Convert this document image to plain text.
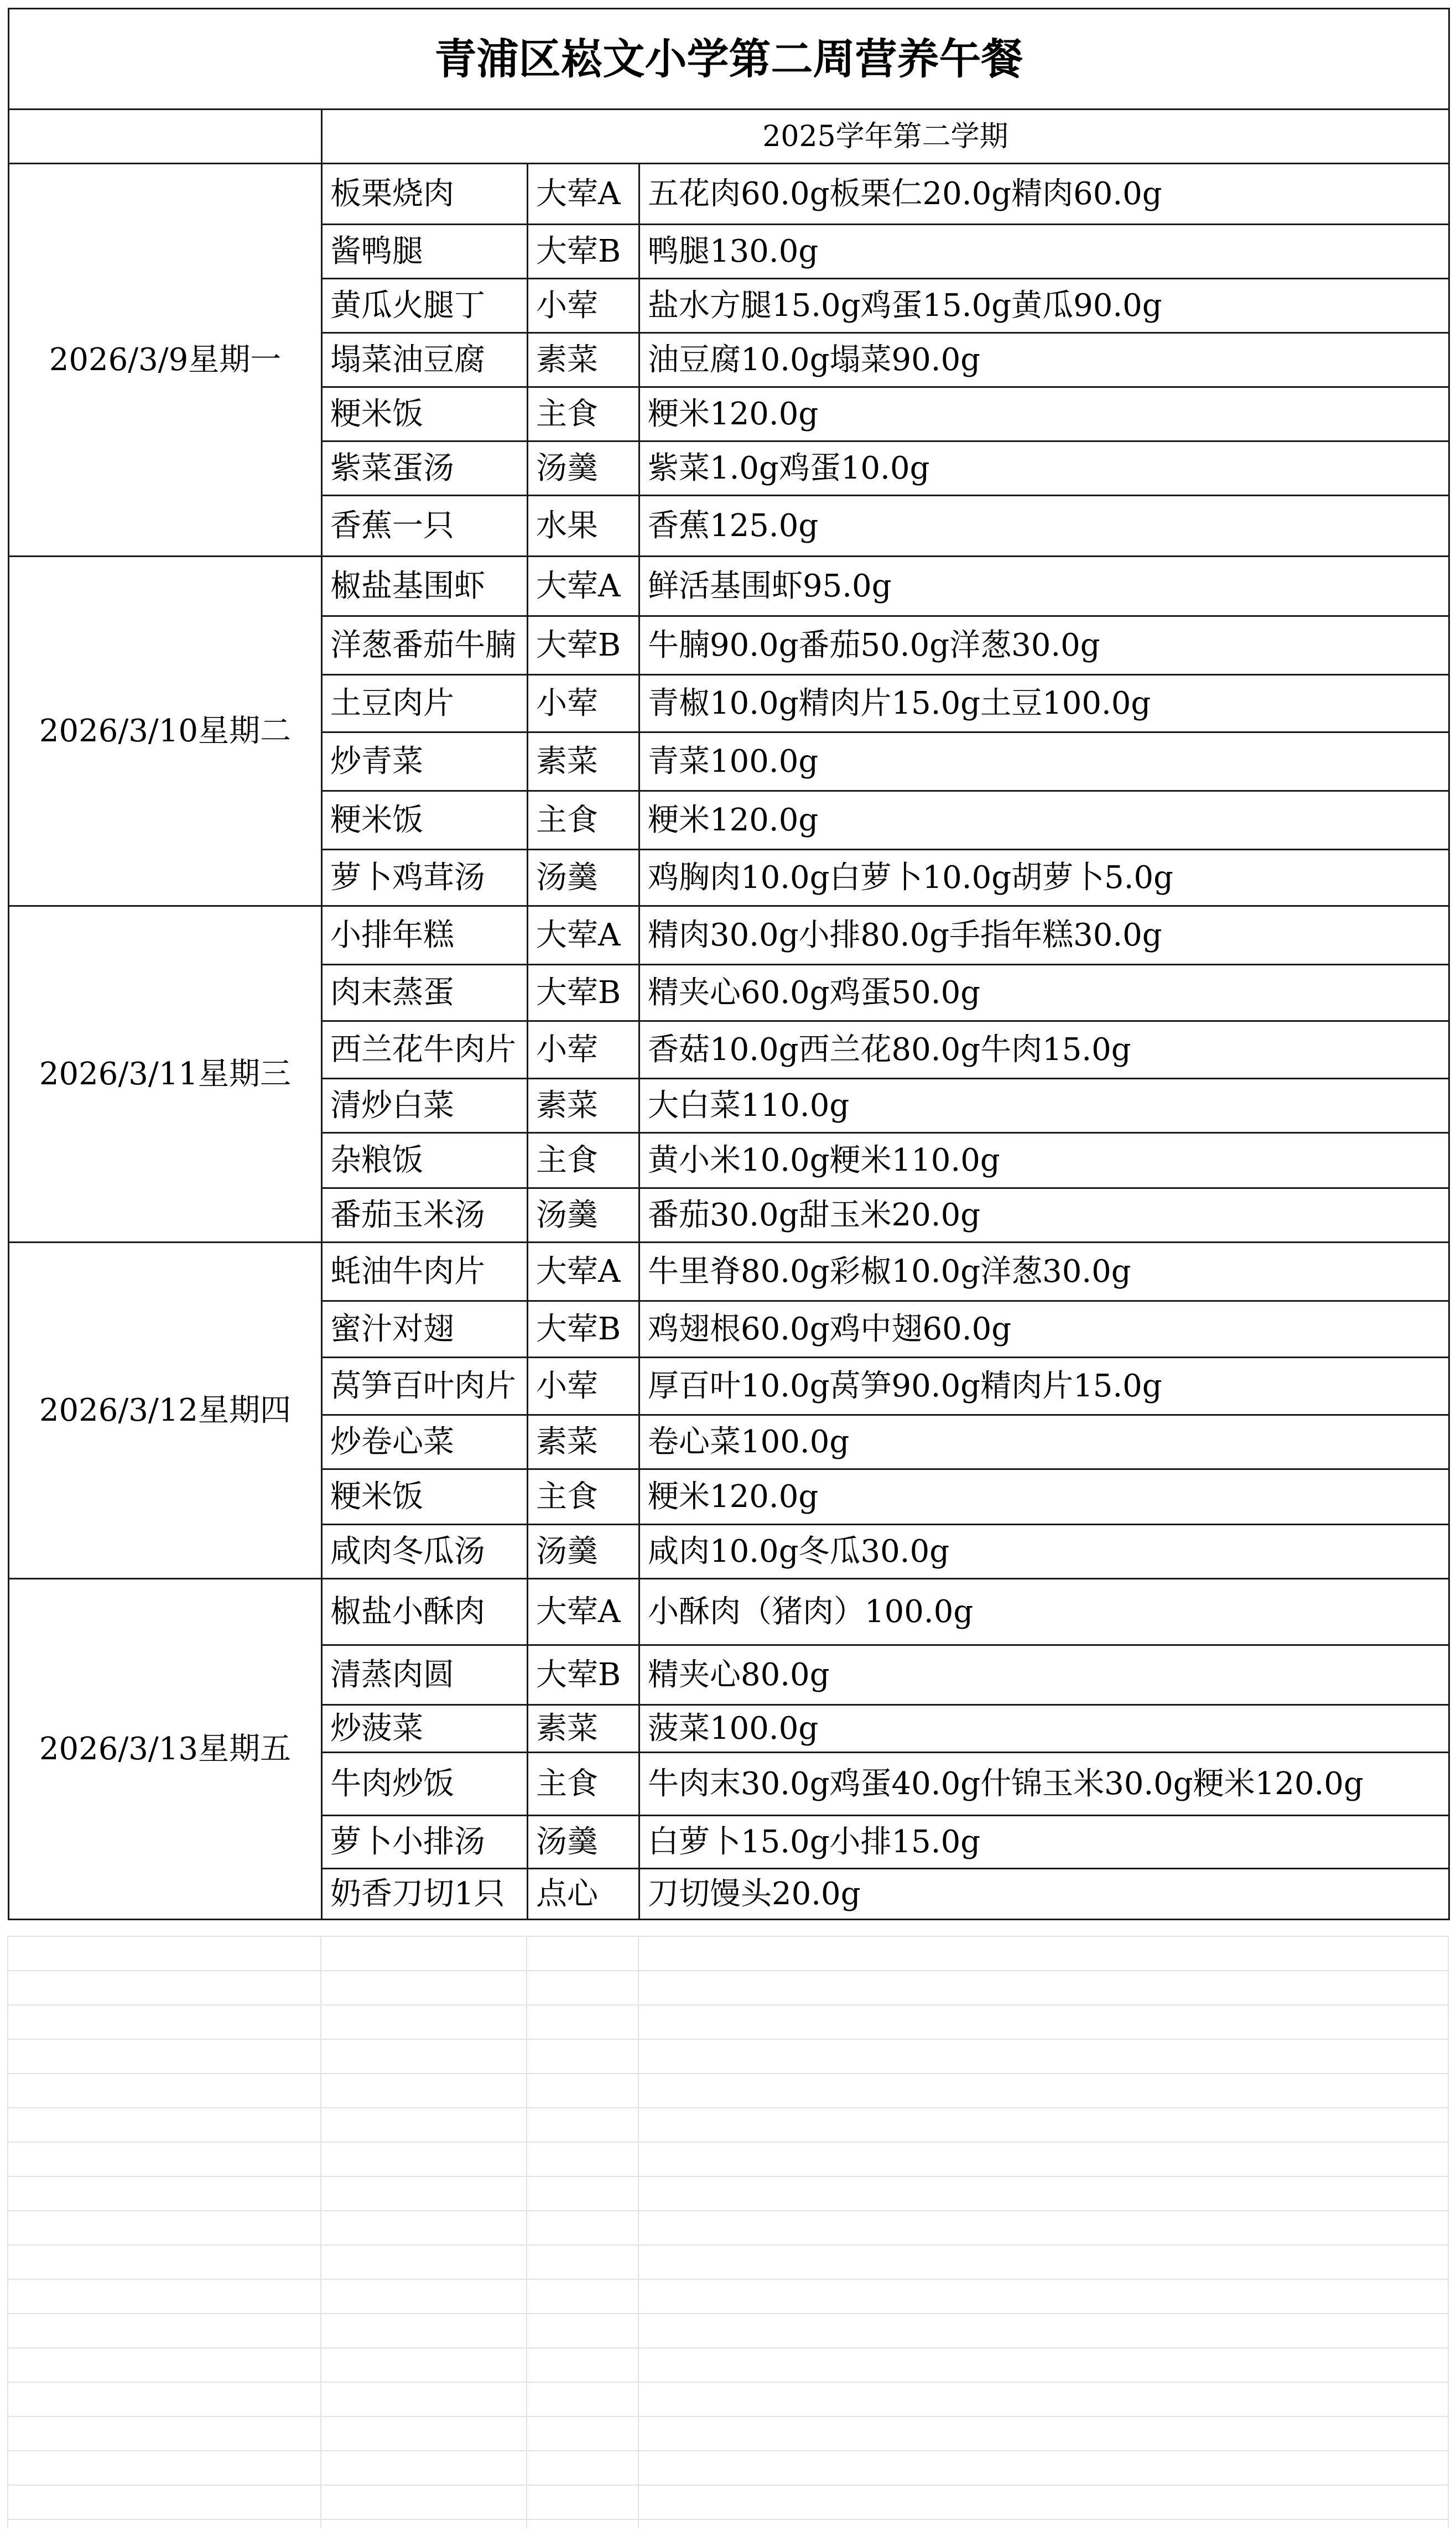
青浦区崧文小学第二周营养午餐			
	2025学年第二学期		
2026/3/9星期一	板栗烧肉	大荤A	五花肉60.0g板栗仁20.0g精肉60.0g
	酱鸭腿	大荤B	鸭腿130.0g
	黄瓜火腿丁	小荤	盐水方腿15.0g鸡蛋15.0g黄瓜90.0g
	塌菜油豆腐	素菜	油豆腐10.0g塌菜90.0g
	粳米饭	主食	粳米120.0g
	紫菜蛋汤	汤羹	紫菜1.0g鸡蛋10.0g
	香蕉一只	水果	香蕉125.0g
2026/3/10星期二	椒盐基围虾	大荤A	鲜活基围虾95.0g
	洋葱番茄牛腩	大荤B	牛腩90.0g番茄50.0g洋葱30.0g
	土豆肉片	小荤	青椒10.0g精肉片15.0g土豆100.0g
	炒青菜	素菜	青菜100.0g
	粳米饭	主食	粳米120.0g
	萝卜鸡茸汤	汤羹	鸡胸肉10.0g白萝卜10.0g胡萝卜5.0g
2026/3/11星期三	小排年糕	大荤A	精肉30.0g小排80.0g手指年糕30.0g
	肉末蒸蛋	大荤B	精夹心60.0g鸡蛋50.0g
	西兰花牛肉片	小荤	香菇10.0g西兰花80.0g牛肉15.0g
	清炒白菜	素菜	大白菜110.0g
	杂粮饭	主食	黄小米10.0g粳米110.0g
	番茄玉米汤	汤羹	番茄30.0g甜玉米20.0g
2026/3/12星期四	蚝油牛肉片	大荤A	牛里脊80.0g彩椒10.0g洋葱30.0g
	蜜汁对翅	大荤B	鸡翅根60.0g鸡中翅60.0g
	莴笋百叶肉片	小荤	厚百叶10.0g莴笋90.0g精肉片15.0g
	炒卷心菜	素菜	卷心菜100.0g
	粳米饭	主食	粳米120.0g
	咸肉冬瓜汤	汤羹	咸肉10.0g冬瓜30.0g
2026/3/13星期五	椒盐小酥肉	大荤A	小酥肉（猪肉）100.0g
	清蒸肉圆	大荤B	精夹心80.0g
	炒菠菜	素菜	菠菜100.0g
	牛肉炒饭	主食	牛肉末30.0g鸡蛋40.0g什锦玉米30.0g粳米120.0g
	萝卜小排汤	汤羹	白萝卜15.0g小排15.0g
	奶香刀切1只	点心	刀切馒头20.0g
